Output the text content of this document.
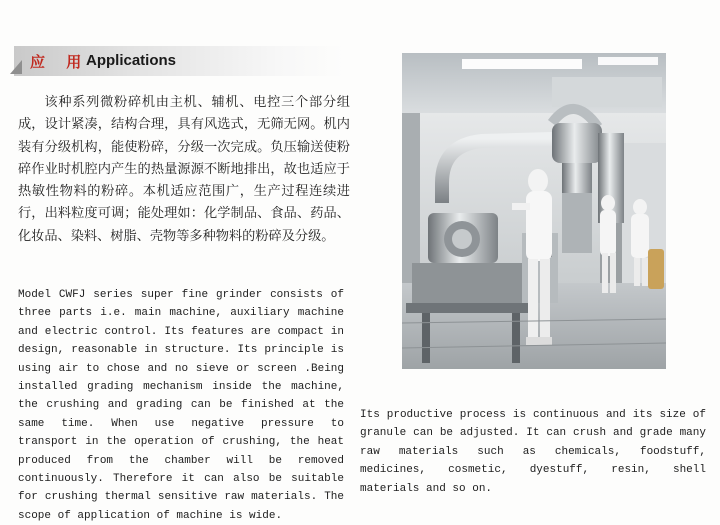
应 用
Applications

该种系列微粉碎机由主机、辅机、电控三个部分组成，设计紧凑，结构合理，具有风选式，无筛无网。机内装有分级机构，能使粉碎，分级一次完成。负压输送使粉碎作业时机腔内产生的热量源源不断地排出，故也适应于热敏性物料的粉碎。本机适应范围广，生产过程连续进行，出料粒度可调；能处理如：化学制品、食品、药品、化妆品、染料、树脂、壳物等多种物料的粉碎及分级。

Model CWFJ series super fine grinder consists of three parts i.e. main machine, auxiliary machine and electric control. Its features are compact in design, reasonable in structure. Its principle is using air to chose and no sieve or screen .Being installed grading mechanism inside the machine, the crushing and grading can be finished at the same time. When use negative pressure to transport in the operation of crushing, the heat produced from the chamber will be removed continuously. Therefore it can also be suitable for crushing thermal sensitive raw materials. The scope of application of machine is wide.

Its productive process is continuous and its size of granule can be adjusted. It can crush and grade many raw materials such as chemicals, foodstuff, medicines, cosmetic, dyestuff, resin, shell materials and so on.
